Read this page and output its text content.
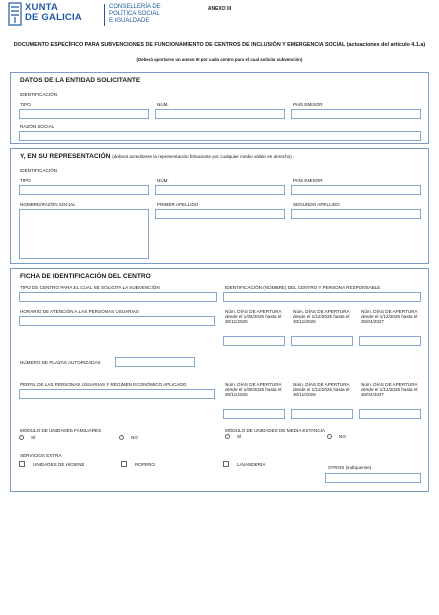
XUNTA
DE GALICIA
CONSELLERÍA DE
POLÍTICA SOCIAL
E IGUALDADE
ANEXO III
DOCUMENTO ESPECÍFICO PARA SUBVENCIONES DE FUNCIONAMIENTO DE CENTROS DE INCLUSIÓN Y EMERGENCIA SOCIAL (actuaciones del artículo 4.1.a)
(Deberá aportarse un anexo III por cada centro para el cual solicita subvención)
DATOS DE LA ENTIDAD SOLICITANTE
IDENTIFICACIÓN
TIPO	NÚM.	PAÍS EMISOR
RAZÓN SOCIAL
Y, EN SU REPRESENTACIÓN (deberá acreditarse la representación fehaciente por cualquier medio válido en derecho)
IDENTIFICACIÓN
TIPO	NÚM.	PAÍS EMISOR
NOMBRE/RAZÓN SOCIAL	PRIMER APELLIDO	SEGUNDO APELLIDO
FICHA DE IDENTIFICACIÓN DEL CENTRO
TIPO DE CENTRO PARA EL CUAL SE SOLICITA LA SUBVENCIÓN	IDENTIFICACIÓN (NOMBRE) DEL CENTRO Y PERSONA RESPONSABLE
HORARIO DE ATENCIÓN A LAS PERSONAS USUARIAS	Núm. DÍAS DE APERTURA desde el 1/05/2025 hasta el 30/11/2025
Núm. DÍAS DE APERTURA desde el 1/12/2025 hasta el 30/11/2026
Núm. DÍAS DE APERTURA desde el 1/12/2026 hasta el 30/04/2027
NÚMERO DE PLAZAS AUTORIZADAS
PERFIL DE LAS PERSONAS USUARIAS Y RÉGIMEN ECONÓMICO APLICADO	Núm. DÍAS DE APERTURA desde el 1/05/2025 hasta el 30/11/2025
Núm. DÍAS DE APERTURA desde el 1/12/2025 hasta el 30/11/2026
Núm. DÍAS DE APERTURA desde el 1/12/2026 hasta el 30/04/2027
MÓDULO DE UNIDADES FAMILIARES
SÍ	NO
MÓDULO DE UNIDADES DE MEDIA ESTANCIA
SÍ	NO
SERVICIOS EXTRA
UNIDADES DE HIGIENE	ROPERO	LAVANDERÍA
OTROS (indíquense)
